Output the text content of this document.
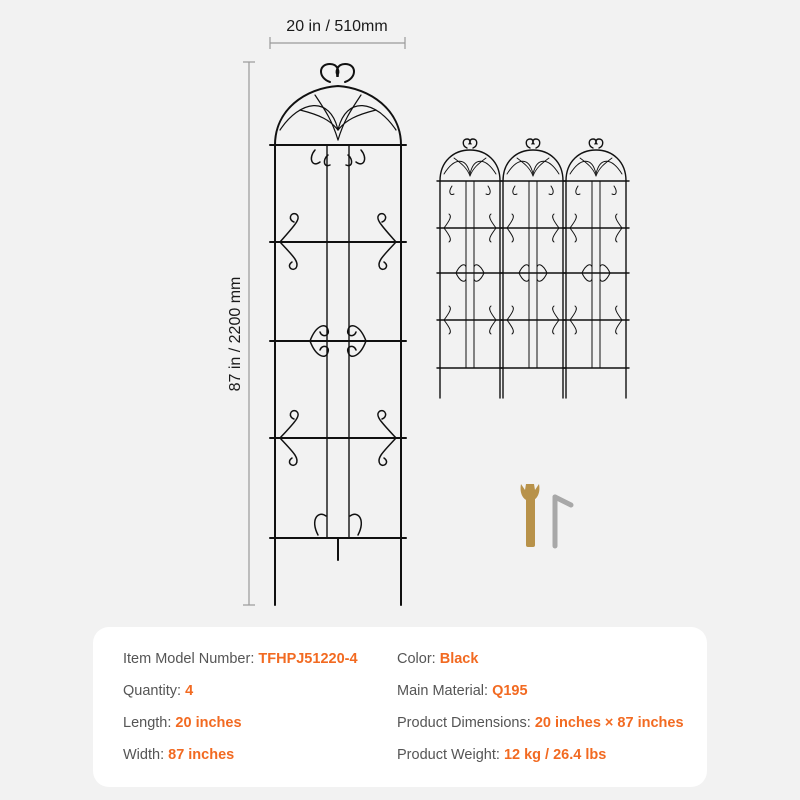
20 in / 510mm
87 in / 2200 mm
Item Model Number: TFHPJ51220-4	Color: Black
Quantity: 4	Main Material: Q195
Length: 20 inches	Product Dimensions: 20 inches × 87 inches
Width: 87 inches	Product Weight: 12 kg / 26.4 lbs
